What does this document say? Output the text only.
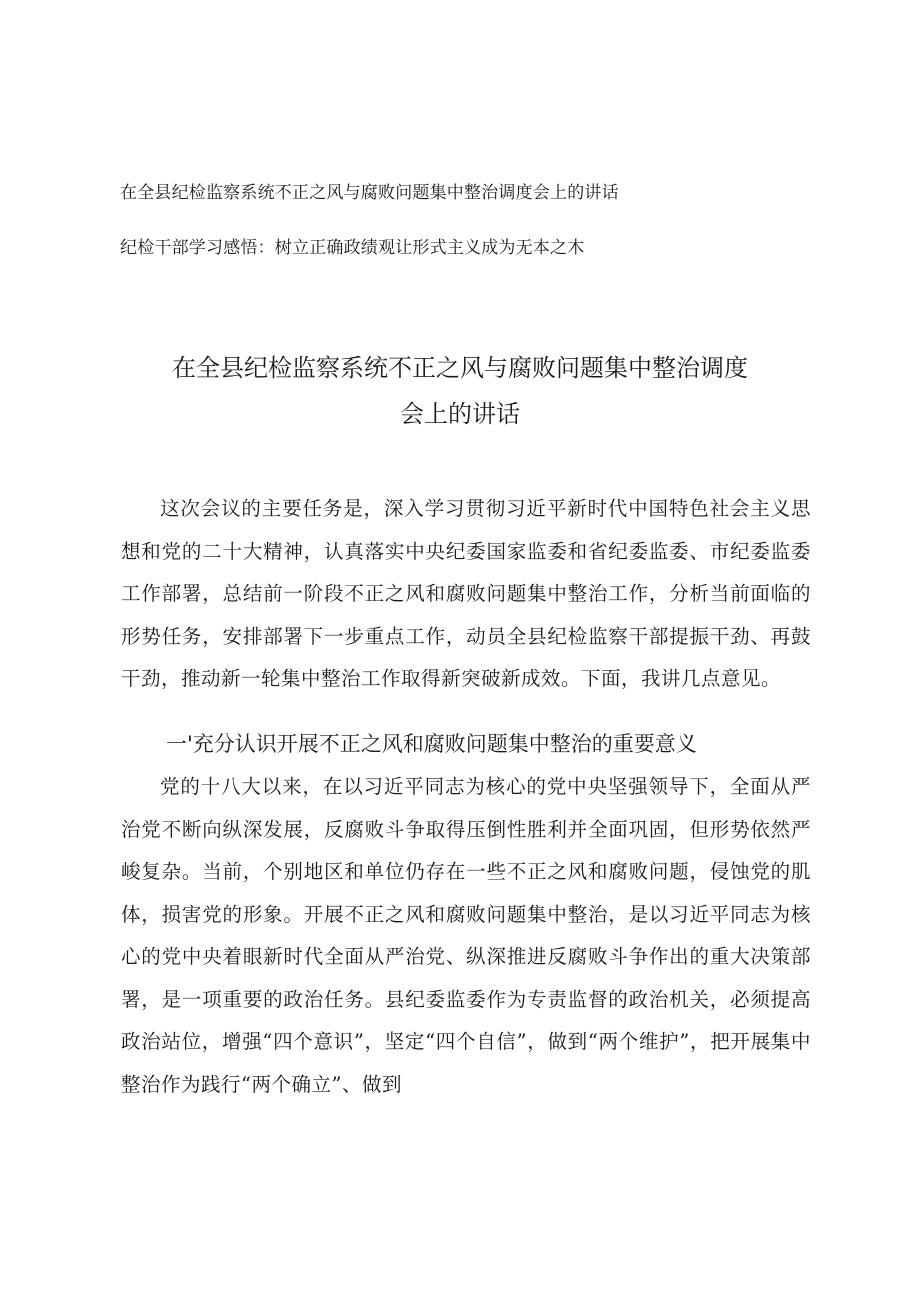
在全县纪检监察系统不正之风与腐败问题集中整治调度会上的讲话
纪检干部学习感悟：树立正确政绩观让形式主义成为无本之木
在全县纪检监察系统不正之风与腐败问题集中整治调度
会上的讲话

这次会议的主要任务是，深入学习贯彻习近平新时代中国特色社会主义思想和党的二十大精神，认真落实中央纪委国家监委和省纪委监委、市纪委监委工作部署，总结前一阶段不正之风和腐败问题集中整治工作，分析当前面临的形势任务，安排部署下一步重点工作，动员全县纪检监察干部提振干劲、再鼓干劲，推动新一轮集中整治工作取得新突破新成效。下面，我讲几点意见。

一'充分认识开展不正之风和腐败问题集中整治的重要意义

党的十八大以来，在以习近平同志为核心的党中央坚强领导下，全面从严治党不断向纵深发展，反腐败斗争取得压倒性胜利并全面巩固，但形势依然严峻复杂。当前，个别地区和单位仍存在一些不正之风和腐败问题，侵蚀党的肌体，损害党的形象。开展不正之风和腐败问题集中整治，是以习近平同志为核心的党中央着眼新时代全面从严治党、纵深推进反腐败斗争作出的重大决策部署，是一项重要的政治任务。县纪委监委作为专责监督的政治机关，必须提高政治站位，增强“四个意识”，坚定“四个自信”，做到“两个维护”，把开展集中整治作为践行“两个确立”、做到
